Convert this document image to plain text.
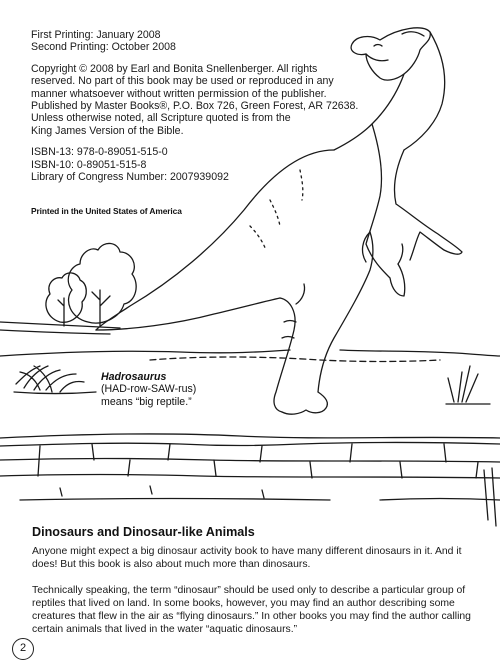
First Printing: January 2008
Second Printing: October 2008

Copyright © 2008 by Earl and Bonita Snellenberger. All rights
reserved. No part of this book may be used or reproduced in any
manner whatsoever without written permission of the publisher.
Published by Master Books®, P.O. Box 726, Green Forest, AR 72638.
Unless otherwise noted, all Scripture quoted is from the
King James Version of the Bible.

ISBN-13: 978-0-89051-515-0
ISBN-10: 0-89051-515-8
Library of Congress Number: 2007939092

Printed in the United States of America
Hadrosaurus
(HAD-row-SAW-rus)
means “big reptile.”
Dinosaurs and Dinosaur-like Animals

Anyone might expect a big dinosaur activity book to have many different dinosaurs in it. And it does! But this book is also about much more than dinosaurs.

Technically speaking, the term “dinosaur” should be used only to describe a particular group of reptiles that lived on land. In some books, however, you may find an author describing some creatures that flew in the air as “flying dinosaurs.” In other books you may find the author calling certain animals that lived in the water “aquatic dinosaurs.”

2
